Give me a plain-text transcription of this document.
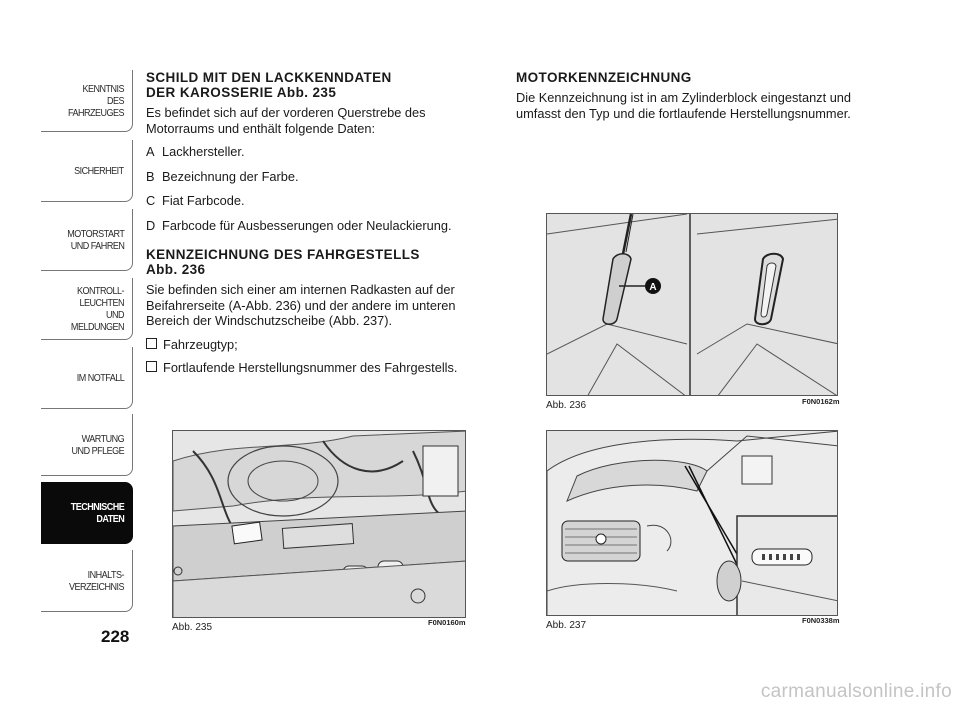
KENNTNIS
DES FAHRZEUGES
SICHERHEIT
MOTORSTART
UND FAHREN
KONTROLL-
LEUCHTEN
UND MELDUNGEN
IM NOTFALL
WARTUNG
UND PFLEGE
TECHNISCHE
DATEN
INHALTS-
VERZEICHNIS
228
SCHILD MIT DEN LACKKENNDATEN
DER KAROSSERIE Abb. 235

Es befindet sich auf der vorderen Querstrebe des Motorraums und enthält folgende Daten:

A Lackhersteller.

B Bezeichnung der Farbe.

C Fiat Farbcode.

D Farbcode für Ausbesserungen oder Neulackierung.

KENNZEICHNUNG DES FAHRGESTELLS
Abb. 236

Sie befinden sich einer am internen Radkasten auf der Beifahrerseite (A-Abb. 236) und der andere im unteren Bereich der Windschutzscheibe (Abb. 237).

Fahrzeugtyp;

Fortlaufende Herstellungsnummer des Fahrgestells.

MOTORKENNZEICHNUNG

Die Kennzeichnung ist in am Zylinderblock eingestanzt und umfasst den Typ und die fortlaufende Herstellungsnummer.

Abb. 235	F0N0160m
A
Abb. 236	F0N0162m
Abb. 237	F0N0338m
carmanualsonline.info
